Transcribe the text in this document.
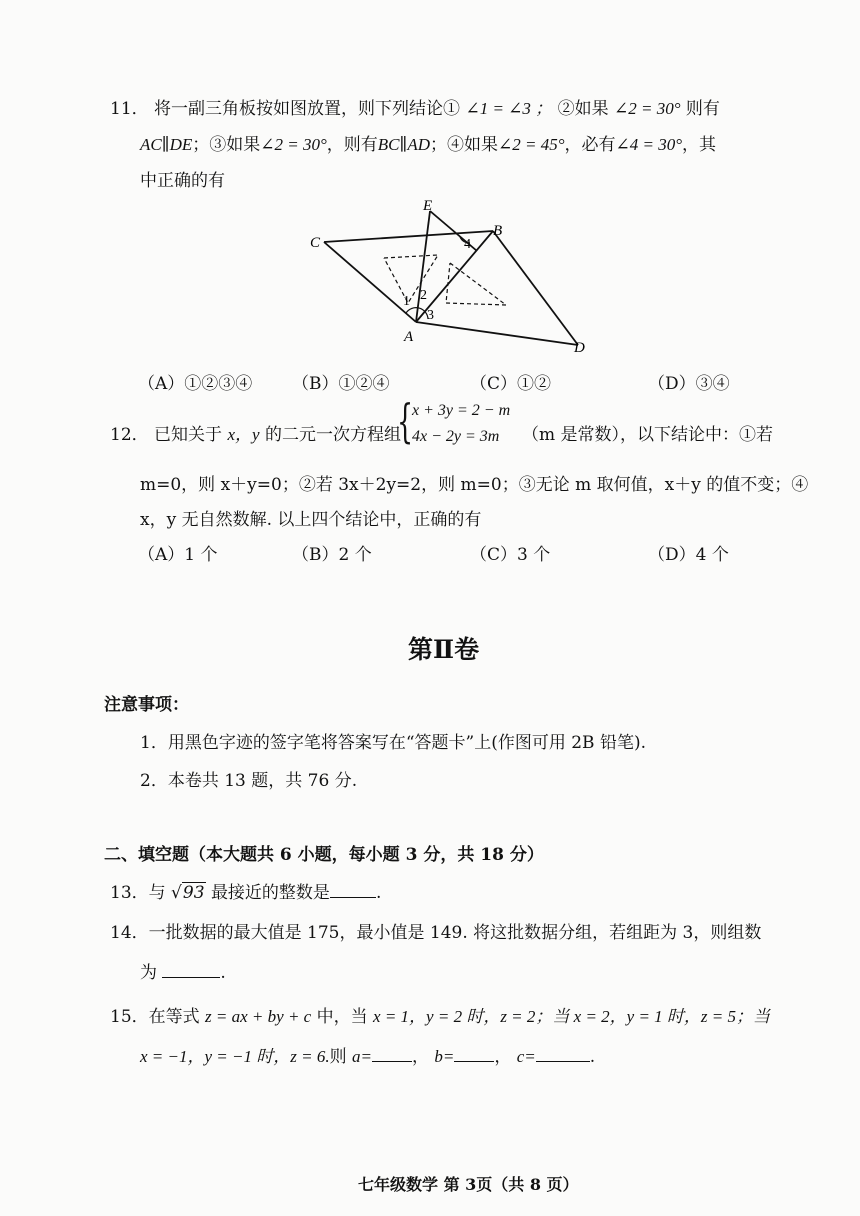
11． 将一副三角板按如图放置，则下列结论① ∠1 = ∠3 ； ②如果 ∠2 = 30° 则有
AC∥DE；③如果∠2 = 30°，则有BC∥AD；④如果∠2 = 45°，必有∠4 = 30°，其
中正确的有
E
B
C
A
D
1 2
3
4
（A）①②③④ （B）①②④	（C）①②	（D）③④
12． 已知关于 x，y 的二元一次方程组
{
x + 3y = 2 − m
4x − 2y = 3m （m 是常数），以下结论中：①若
m=0，则 x＋y=0；②若 3x＋2y=2，则 m=0；③无论 m 取何值，x＋y 的值不变；④
x，y 无自然数解. 以上四个结论中，正确的有
（A）1 个	（B）2 个	（C）3 个	（D）4 个
第Ⅱ卷
注意事项：
1．用黑色字迹的签字笔将答案写在“答题卡”上(作图可用 2B 铅笔).
2．本卷共 13 题，共 76 分.
二、填空题（本大题共 6 小题，每小题 3 分，共 18 分）
13．与 √93 最接近的整数是	.
14．一批数据的最大值是 175，最小值是 149. 将这批数据分组，若组距为 3，则组数
为	.
15．在等式 z = ax + by + c 中，当 x = 1，y = 2 时，z = 2；当 x = 2，y = 1 时，z = 5；当
x = −1，y = −1 时，z = 6.则 a= ， b= ， c=	.
七年级数学 第 3页（共 8 页）
